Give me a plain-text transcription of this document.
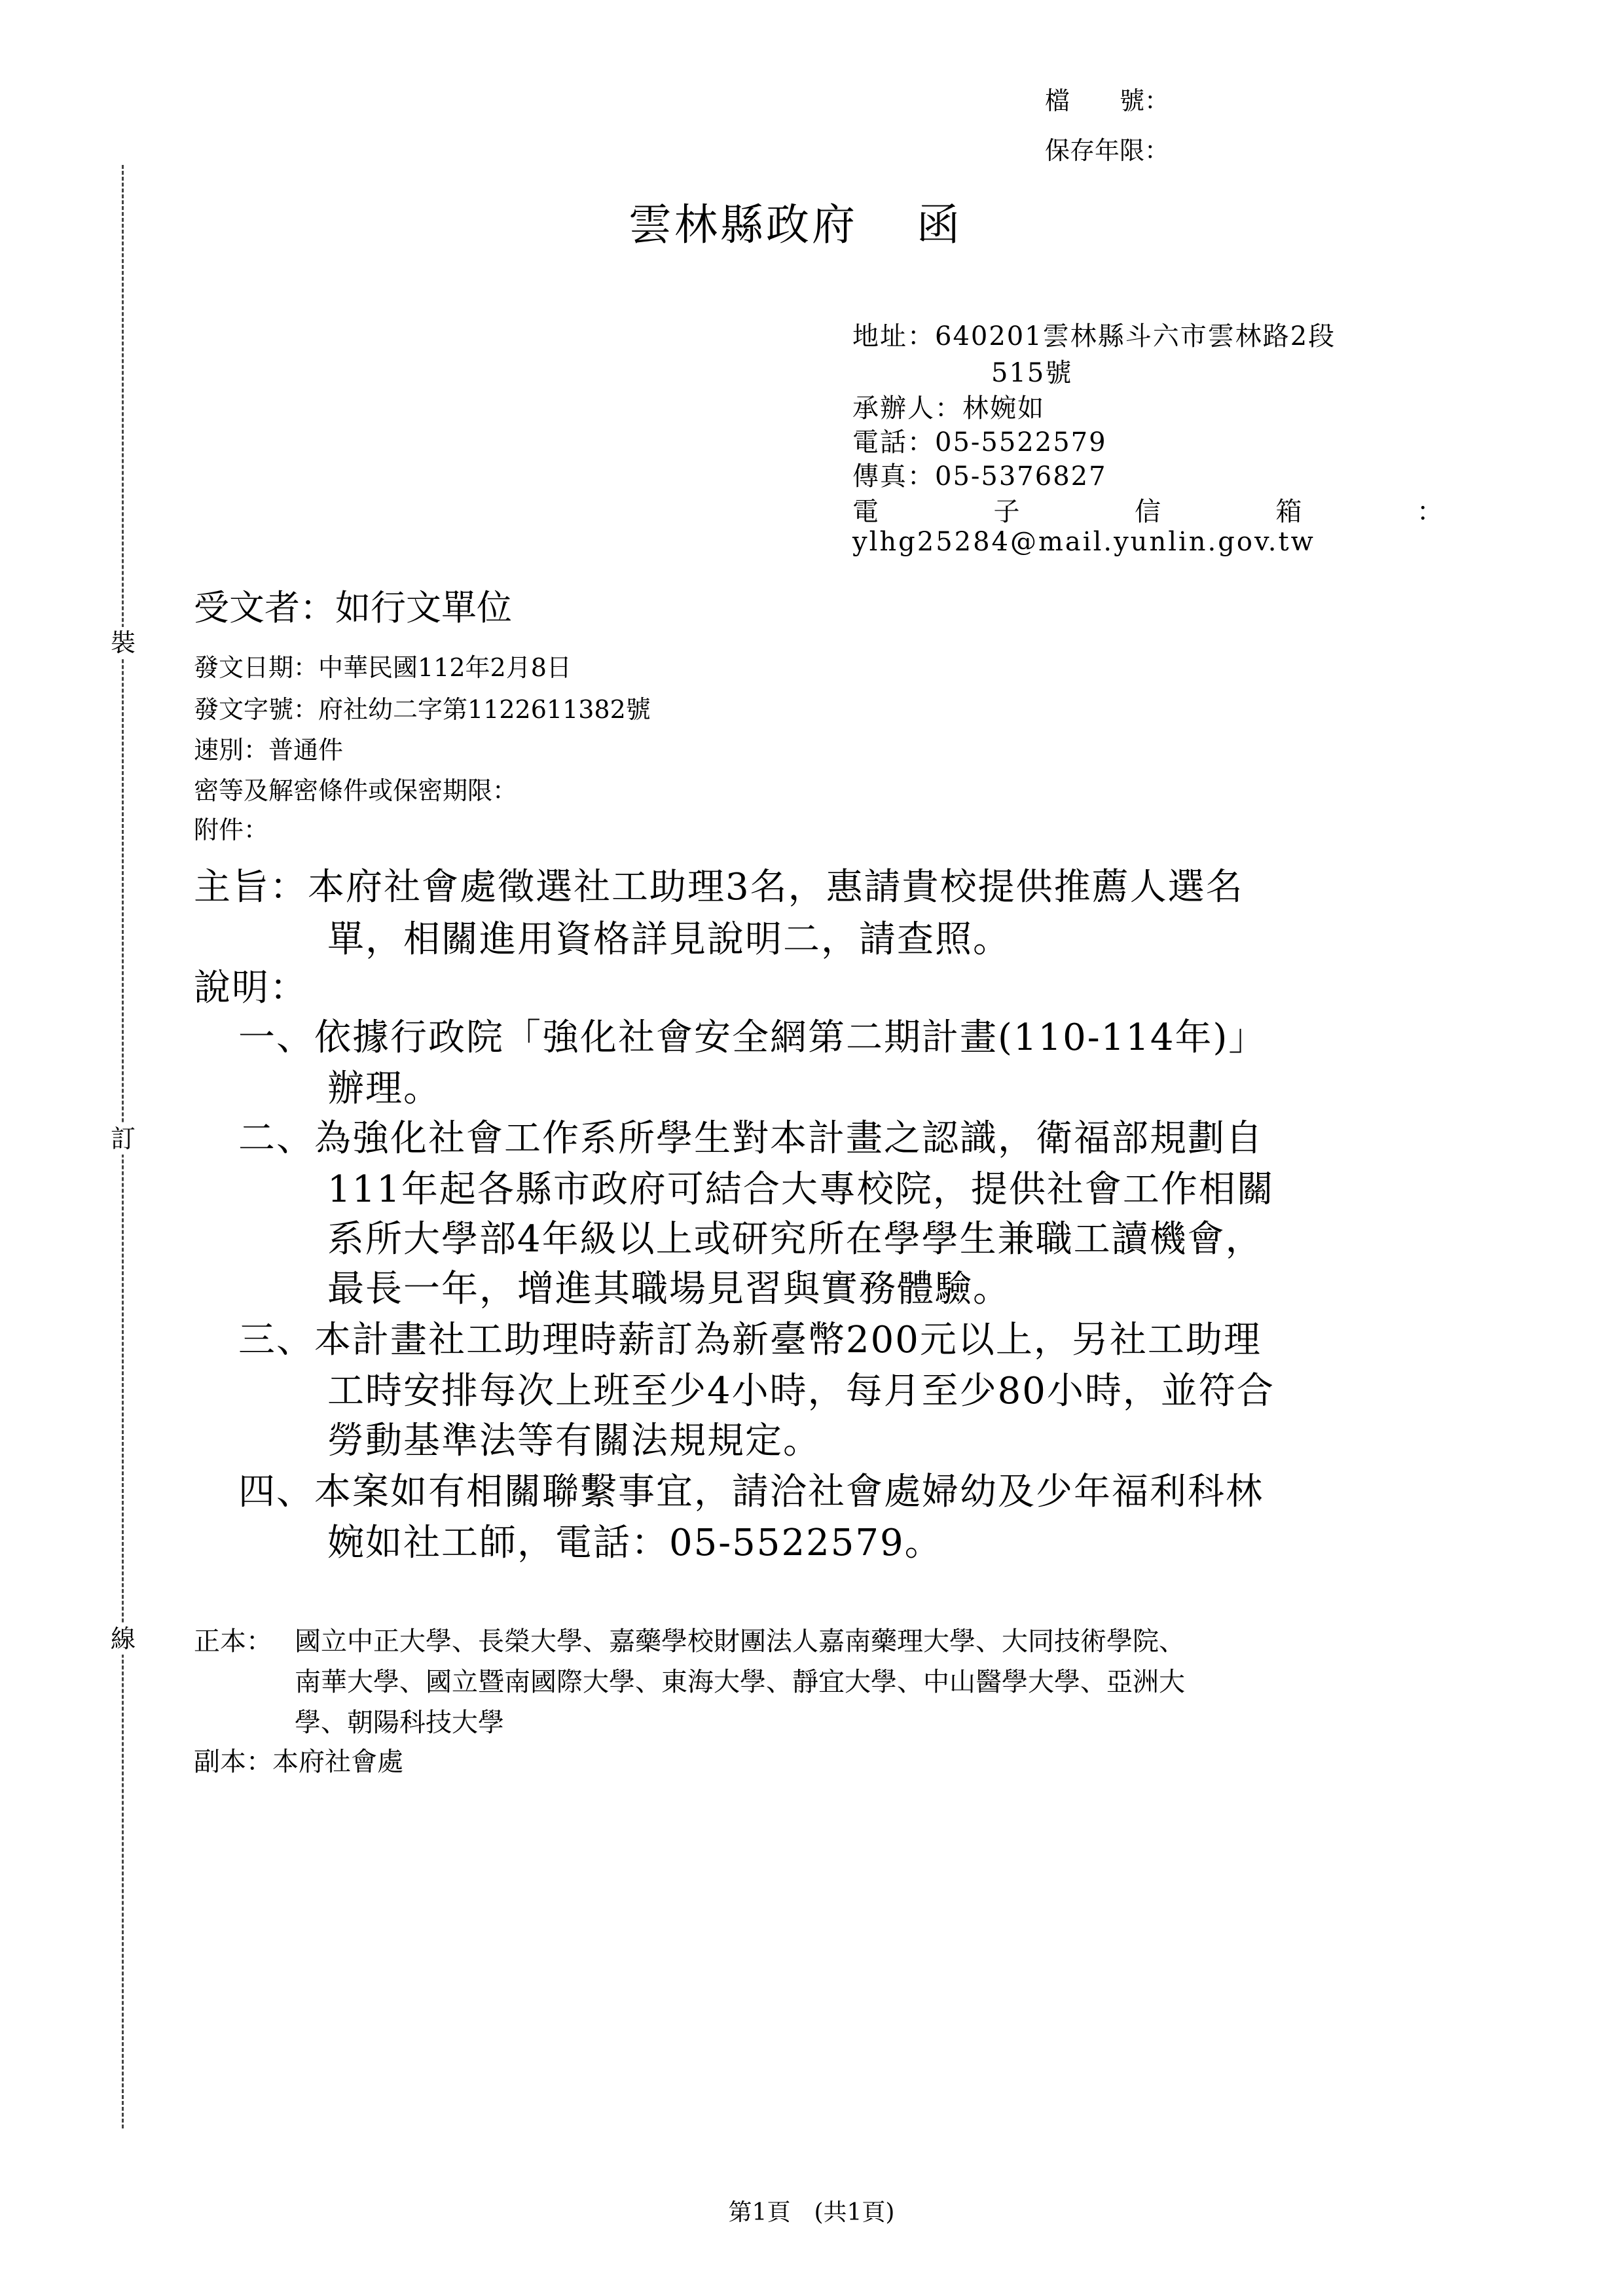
裝
訂
線
檔　　號：
保存年限：
雲林縣政府 函
地址：640201雲林縣斗六市雲林路2段
515號
承辦人：林婉如
電話：05-5522579
傳真：05-5376827
電	子	信	箱	：
ylhg25284@mail.yunlin.gov.tw
受文者：如行文單位
發文日期：中華民國112年2月8日
發文字號：府社幼二字第1122611382號
速別：普通件
密等及解密條件或保密期限：
附件：
主旨：本府社會處徵選社工助理3名，惠請貴校提供推薦人選名
單，相關進用資格詳見說明二，請查照。
說明：
一、依據行政院「強化社會安全網第二期計畫(110-114年)」
辦理。
二、為強化社會工作系所學生對本計畫之認識，衛福部規劃自
111年起各縣市政府可結合大專校院，提供社會工作相關
系所大學部4年級以上或研究所在學學生兼職工讀機會，
最長一年，增進其職場見習與實務體驗。
三、本計畫社工助理時薪訂為新臺幣200元以上，另社工助理
工時安排每次上班至少4小時，每月至少80小時，並符合
勞動基準法等有關法規規定。
四、本案如有相關聯繫事宜，請洽社會處婦幼及少年福利科林
婉如社工師，電話：05-5522579。
正本： 國立中正大學、長榮大學、嘉藥學校財團法人嘉南藥理大學、大同技術學院、
南華大學、國立暨南國際大學、東海大學、靜宜大學、中山醫學大學、亞洲大
學、朝陽科技大學
副本：本府社會處
第1頁　(共1頁)
